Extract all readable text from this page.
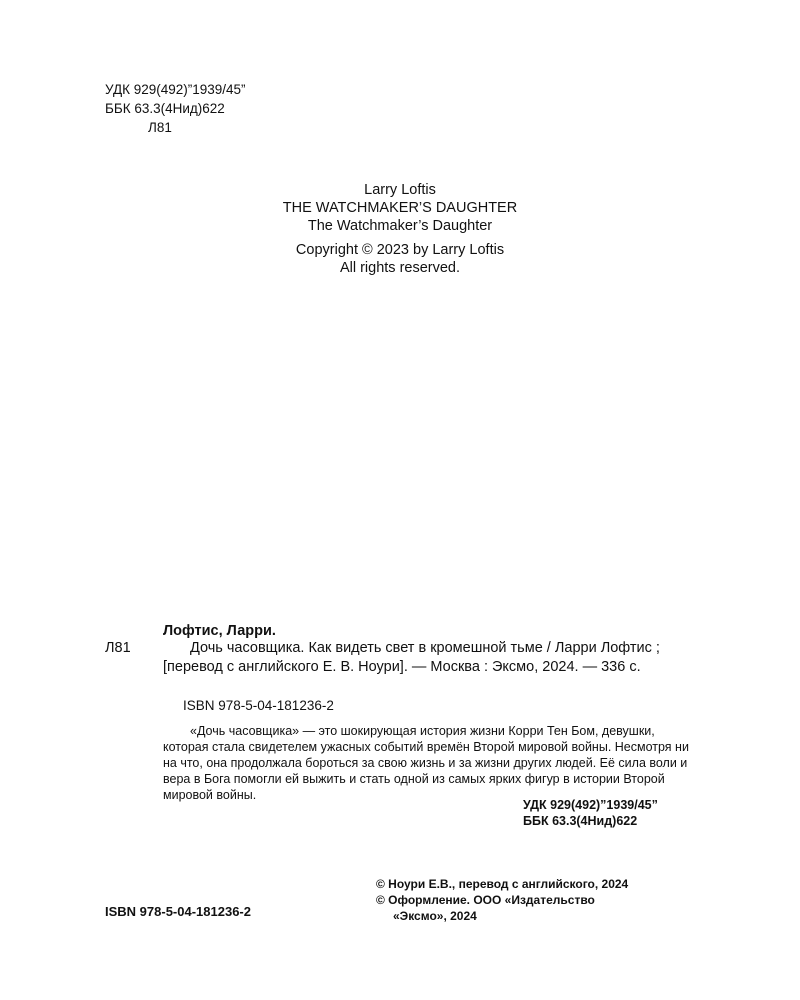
УДК 929(492)”1939/45”
ББК 63.3(4Нид)622
Л81
Larry Loftis
THE WATCHMAKER’S DAUGHTER
The Watchmaker’s Daughter
Copyright © 2023 by Larry Loftis
All rights reserved.
Лофтис, Ларри.
Л81	Дочь часовщика. Как видеть свет в кромешной тьме / Ларри Лофтис ; [перевод с английского Е. В. Ноури]. — Москва : Эксмо, 2024. — 336 с.
ISBN 978-5-04-181236-2

«Дочь часовщика» — это шокирующая история жизни Корри Тен Бом, девушки, которая стала свидетелем ужасных событий времён Второй мировой войны. Несмотря ни на что, она продолжала бороться за свою жизнь и за жизни других людей. Её сила воли и вера в Бога помогли ей выжить и стать одной из самых ярких фигур в истории Второй мировой войны.

УДК 929(492)”1939/45”
ББК 63.3(4Нид)622
© Ноури Е.В., перевод с английского, 2024
© Оформление. ООО «Издательство
«Эксмо», 2024
ISBN 978-5-04-181236-2
